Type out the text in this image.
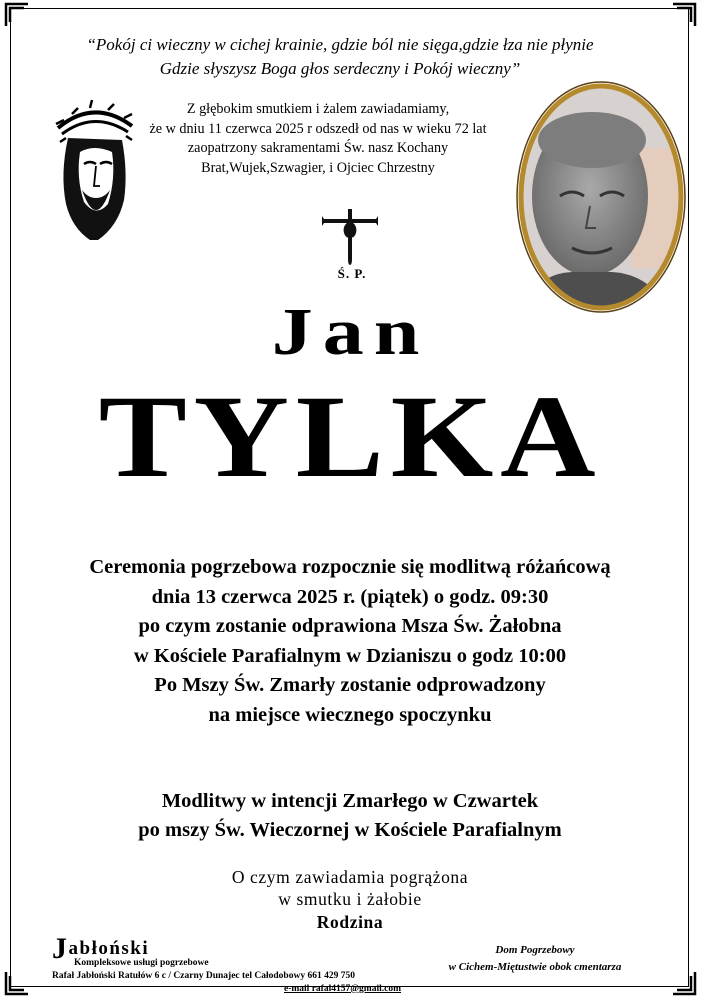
“Pokój ci wieczny w cichej krainie, gdzie ból nie sięga,gdzie łza nie płynie
Gdzie słyszysz Boga głos serdeczny i Pokój wieczny”
Z głębokim smutkiem i żalem zawiadamiamy,
że w dniu 11 czerwca 2025 r odszedł od nas w wieku 72 lat
zaopatrzony sakramentami Św. nasz Kochany
Brat,Wujek,Szwagier, i Ojciec Chrzestny
Ś. P.
Jan
TYLKA
Ceremonia pogrzebowa rozpocznie się modlitwą różańcową
dnia 13 czerwca 2025 r. (piątek) o godz. 09:30
po czym zostanie odprawiona Msza Św. Żałobna
w Kościele Parafialnym w Dzianiszu o godz 10:00
Po Mszy Św. Zmarły zostanie odprowadzony
na miejsce wiecznego spoczynku
Modlitwy w intencji Zmarłego w Czwartek
po mszy Św. Wieczornej w Kościele Parafialnym
O czym zawiadamia pogrążona
w smutku i żałobie
Rodzina
Jabłoński
Kompleksowe usługi pogrzebowe
Rafał Jabłoński Ratułów 6 c / Czarny Dunajec tel Całodobowy 661 429 750
e-mail rafal4157@gmail.com
Dom Pogrzebowy
w Cichem-Miętustwie obok cmentarza
